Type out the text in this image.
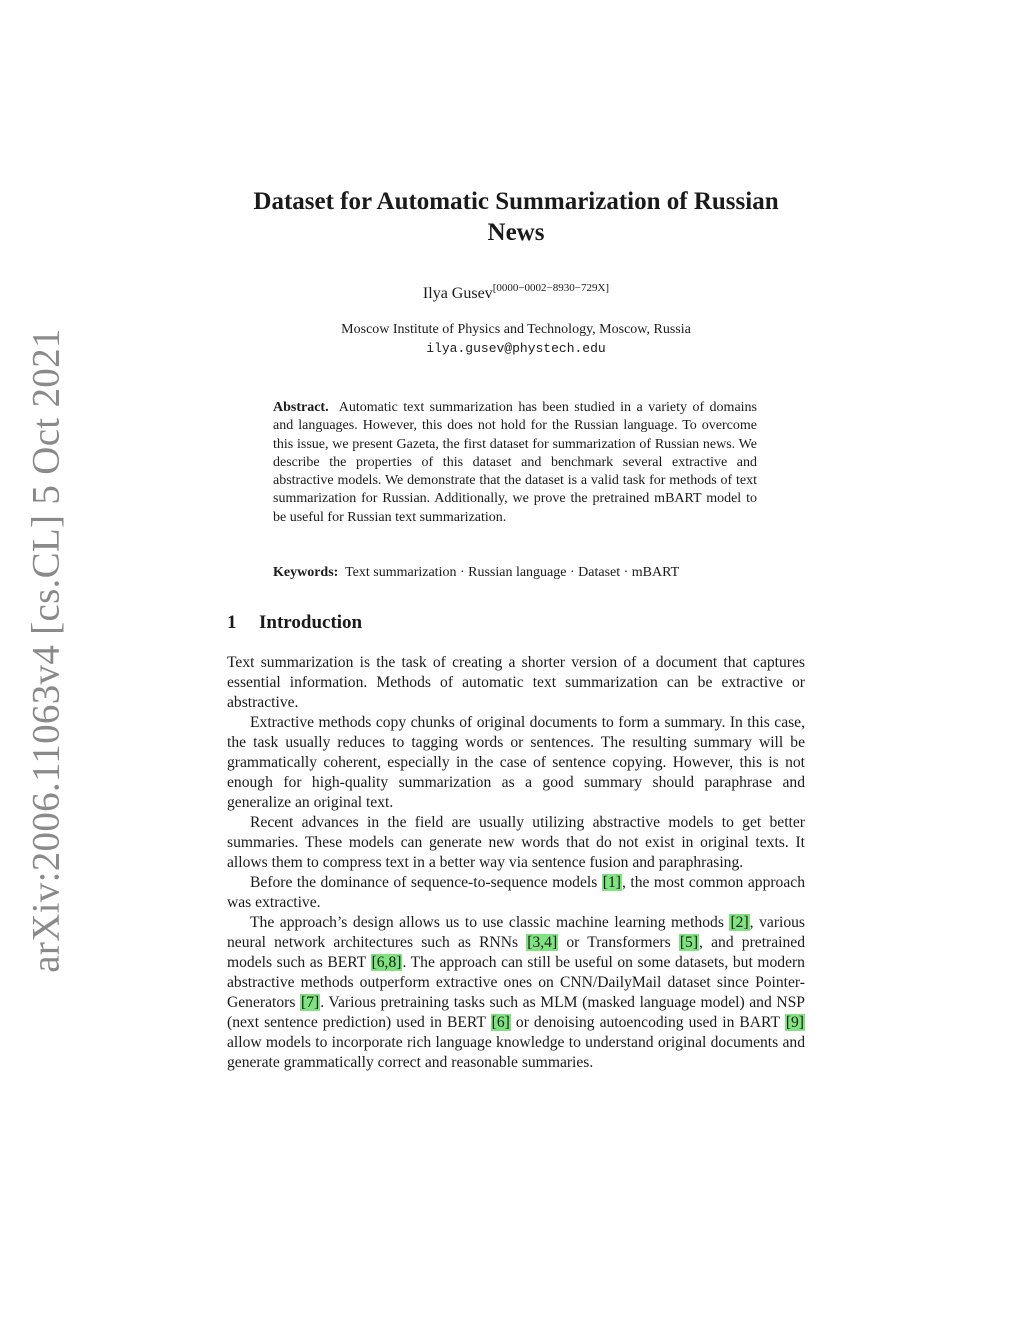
arXiv:2006.11063v4 [cs.CL] 5 Oct 2021
Dataset for Automatic Summarization of Russian News
Ilya Gusev[0000−0002−8930−729X]
Moscow Institute of Physics and Technology, Moscow, Russia
ilya.gusev@phystech.edu
Abstract. Automatic text summarization has been studied in a variety of domains and languages. However, this does not hold for the Russian language. To overcome this issue, we present Gazeta, the first dataset for summarization of Russian news. We describe the properties of this dataset and benchmark several extractive and abstractive models. We demonstrate that the dataset is a valid task for methods of text summarization for Russian. Additionally, we prove the pretrained mBART model to be useful for Russian text summarization.
Keywords: Text summarization · Russian language · Dataset · mBART
1 Introduction

Text summarization is the task of creating a shorter version of a document that captures essential information. Methods of automatic text summarization can be extractive or abstractive.

Extractive methods copy chunks of original documents to form a summary. In this case, the task usually reduces to tagging words or sentences. The resulting summary will be grammatically coherent, especially in the case of sentence copying. However, this is not enough for high-quality summarization as a good summary should paraphrase and generalize an original text.

Recent advances in the field are usually utilizing abstractive models to get better summaries. These models can generate new words that do not exist in original texts. It allows them to compress text in a better way via sentence fusion and paraphrasing.

Before the dominance of sequence-to-sequence models [1], the most common approach was extractive.

The approach’s design allows us to use classic machine learning methods [2], various neural network architectures such as RNNs [3,4] or Transformers [5], and pretrained models such as BERT [6,8]. The approach can still be useful on some datasets, but modern abstractive methods outperform extractive ones on CNN/DailyMail dataset since Pointer-Generators [7]. Various pretraining tasks such as MLM (masked language model) and NSP (next sentence prediction) used in BERT [6] or denoising autoencoding used in BART [9] allow models to incorporate rich language knowledge to understand original documents and generate grammatically correct and reasonable summaries.
